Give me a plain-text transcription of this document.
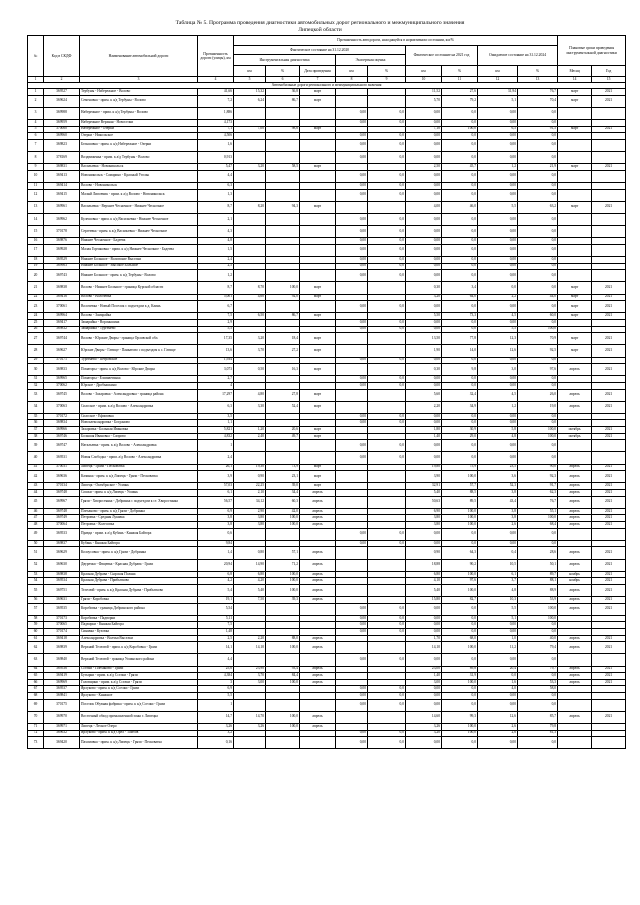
Таблица № 5. Программа проведения диагностики автомобильных дорог регионального и межмуниципального значения
Липецкой области
№	Код в СКДФ	Наименование автомобильной дороги	Протяженность дороги (улицы), км	Протяженность автодороги, находящейся в нормативном состоянии, км/%									Плановые сроки проведения инструментальной диагностики	
				Фактическое состояние на 31.12.2020					Фактическое состояние на 2021 год		Ожидаемое состояние на 31.12.2024			
				Инструментальная диагностика			Экспертная оценка							
				км	%	Дата проведения	км	%	км	%	км	%	Месяц	Год
1	2	3	4	5	6	7	8	9	10	11	12	13	14	15
Автомобильные дороги регионального и межмуниципального значения														
1	369527	Тербуны - Набережное - Волово	41,66	15,32	36,8	март			11,52	27,6	31,94	76,7	март	2021
2	369624	Семеновка - прим. к а/д Тербуны - Волово	7,2	6,24	86,7	март			5,70	79,2	5,1	70,4	март	2021
3	369988	Набережное - прим. к а/д Тербуны - Волово	1,886				0,00	0,0	0,00	0,0	0,00	0,0		
4	369959	Набережное Верхняя - Новоселки	4,173				0,00	0,0	0,00	0,0	0,00	0,0		
5	370060	Набережное - Озерки	7,1	7,00	98,6	март			7,10	100,0	6,5	91,5	март	2021
6	369960	Озерки - Никольское	4,506				0,00	0,0	0,00	0,0	0,00	0,0		
7	369823	Бельшовка - прим. к а/д Набережное - Озерки	1,6				0,00	0,0	0,00	0,0	0,00	0,0		
8	378169	Воздвиженка - прим. к а/д Тербуны - Волово	0,913				0,00	0,0	0,00	0,0	0,00	0,0		
9	369831	Васильевка - Новоникольск	5,47	3,20	58,5	март			2,50	45,7	1,2	21,9	март	2021
10	369413	Новоникольск - Самарино - Красный Угольк	4,4				0,00	0,0	0,00	0,0	0,00	0,0		
11	369414	Волово - Новоникольск	6,3				0,00	0,0	0,00	0,0	0,00	0,0		
12	369415	Малый Липовчик - прим. к а/д Волово - Новоникольск	1,3				0,00	0,0	0,00	0,0	0,00	0,0		
13	369961	Васильевка - Верхнее Чесночное - Нижнее Чесночное	8,7	8,20	94,3	март			4,00	46,0	5,5	63,2	март	2021
14	369962	Кулешовка - прим. к а/д Васильевка - Нижнее Чесночное	2,1				0,00	0,0	0,00	0,0	0,00	0,0		
15	370178	Сергеевка - прим. к а/д Васильевка - Нижнее Чесночное	4,3				0,00	0,0	0,00	0,0	0,00	0,0		
16	369876	Нижнее Чесночное - Бадеева	4,8				0,00	0,0	0,00	0,0	0,00	0,0		
17	369928	Малая Горчаковка - прим. к а/д Нижнее Чесночное - Бадеева	1,5				0,00	0,0	0,00	0,0	0,00	0,0		
18	369529	Нижнее Большое - Воловские Выселки	2,4				0,00	0,0	0,00	0,0	0,00	0,0		
19	369963	Нижнее Большое - Высокое Большое	2,5				0,00	0,0	0,00	0,0	0,00	0,0		
20	369743	Нижнее Большое - прим. к а/д Тербуны - Волово	1,2				0,00	0,0	0,00	0,0	0,00	0,0		
21	369838	Волово - Нижнее Большое - граница Курской области	8,7	8,70	100,0	март			0,30	3,4	0,0	0,0	март	2021
22	369416	Волово - Волочевка	5,001	4,60	92,0	март			3,20	64,0	2,2	44,0	март	2021
23	370061	Волочевка - Новый Поселок с подъездом к д. Каинь	6,7				0,00	0,0	0,00	0,0	0,00	0,0	март	2021
24	369964	Волово - Замарайка	7,5	6,50	86,7	март			5,50	73,3	4,5	60,0	март	2021
25	369417	Замарайка - Вороньшина	2,9				0,00	0,0	0,00	0,0	0,00	0,0		
26	369832	Замарайка - Тургенево	5,5				0,00	0,0	0,00	0,0	5,5	100,0		
27	369744	Волово - Юрские Дворы - граница Орловской обл.	17,35	3,20	18,4	март			13,50	77,8	12,3	70,9	март	2021
28	369627	Юрские Дворы - Гатище - Панкатово с подъездом к с. Гатище	13,6	3,70	27,2	март			1,90	14,0	12,6	92,5	март	2021
29	370171	Тургенево - Петровское	1,934				0,00	0,0	0,00	0,0	0,00	0,0		
30	369833	Поматоры - прим. к а/д Волово - Юрские Дворы	3,073	0,50	16,3	март			0,30	9,8	3,0	97,6	апрель	2021
31	369965	Поматоры - Елизаветинка	2,7				0,00	0,0	0,00	0,0	0,00	0,0		
32	370062	Юрское - Дробышкино	4				0,00	0,0	0,00	0,0	0,00	0,0		
33	369745	Волово - Захаровка - Александровка - граница района	17,297	4,80	27,8	март			5,60	32,4	4,5	26,0	апрель	2021
34	370063	Спасское - прим. к а/д Волово - Александровка	6,3	3,30	52,4	март			2,20	34,9	1,2	19,0	апрель	2021
35	370172	Спасское - Ефимовка	3,5				0,00	0,0	0,00	0,0	0,00	0,0		
36	369834	Новоалександровка - Богданово	1,1				0,00	0,0	0,00	0,0	0,00	0,0		
37	369966	Захаровка - Большая Ивановка	5,821	1,20	20,6	март			1,80	30,9	5,8	100,0	октябрь	2021
38	369746	Большая Ивановка - Сапрово	4,832	2,40	49,7	март			1,40	29,0	4,8	100,0	октябрь	2021
39	369747	Натальевка - прим. к а/д Волово - Александровка	1				0,00	0,0	0,00	0,0	0,00	0,0		
40	369531	Новая Слободка - прим. а/д Волово - Александровка	2,4				0,00	0,0	0,00	0,0	0,00	0,0		
41	370031	Липецк - Грязи - Песковатка	26,1	19,30	73,9	март			19,80	75,9	23,5	90,0	апрель	2021
42	369636	Казинка - прим. к а/д Липецк - Грязи - Песковатка	3,9	0,90	23,1	март			3,90	100,0	3,6	92,3	апрель	2021
43	370134	Липецк - Октябрьское - Усмань	57,03	22,25	39,0	март			32,91	57,7	52,3	91,7	апрель	2021
44	369748	Сошки - прим. к а/д Липецк - Усмань	6,1	2,10	34,4	апрель			5,40	88,5	3,8	62,3	апрель	2021
45	369967	Грязи - Хворостянка - Добринка с подъездом к ст. Хворостянка	56,57	34,12	60,3	апрель			50,63	89,5	43,4	76,7	апрель	2021
46	369748	Плеханово - прим. к а/д Грязи - Добринка	6,9	2,90	42,0	апрель			6,90	100,0	3,8	55,1	апрель	2021
47	369749	Петровка - Средняя Лукавка	3,8	3,80	100,0	апрель			3,80	100,0	3,8	100,0	апрель	2021
48	370064	Петровка - Колесовка	3,8	3,80	100,0	апрель			3,80	100,0	2,6	68,4	апрель	2021
49	369533	Правда - прим. к а/д Кубань - Княжая Байгора	0,6				0,00	0,0	0,00	0,0	0,00	0,0		
50	369837	Кубань - Княжая Байгора	9,84				0,00	0,0	0,00	0,0	0,00	0,0		
51	369629	Колоусовка - прим. к а/д Грязи - Добринка	1,4	0,80	57,1	апрель			0,90	64,3	0,4	28,6	апрель	2021
52	369630	Двуречки - Фащевка - Красная Дубрава - Грязи	20,94	14,90	71,2	апрель			18,88	90,2	10,5	50,1	апрель	2021
53	369838	Красная Дубрава - Сырская Поляна	6,8	6,80	100,0	апрель			6,80	100,0	6,1	89,7	ноябрь	2021
54	369534	Красная Дубрава - Прибытково	4,2	4,20	100,0	апрель			4,10	97,6	3,7	88,1	ноябрь	2021
55	369751	Телелюй - прим. к а/д Красная Дубрава - Прибытково	5,4	5,40	100,0	апрель			5,40	100,0	4,8	88,9	апрель	2021
56	369631	Грязи - Коробовка	19,1	7,50	39,3	апрель			15,80	82,7	10,3	53,9	апрель	2021
57	369535	Коробовка - граница Добринского района	5,54				0,00	0,0	0,00	0,0	5,5	100,0	апрель	2021
58	370173	Коробовка - Падворки	5,11				0,00	0,0	0,00	0,0	5,1	100,0		
59	370065	Падворки - Княжая Байгора	7,5				0,00	0,0	0,00	0,0	0,00	0,0		
60	370174	Синявка - Кузовка	1,48				0,00	0,0	0,00	0,0	0,00	0,0		
61	369418	Александровка - Волчьи Выселки	2,5	2,20	88,0	апрель			1,70	68,0	1,0	40,0	апрель	2021
62	369839	Верхний Телелюй - прим. к а/д Коробовка - Грязи	14,1	14,10	100,0	апрель			14,10	100,0	11,2	79,4	апрель	2021
63	369840	Верхний Телелюй - граница Усманского района	4,4				0,00	0,0	0,00	0,0	0,00	0,0		
64	369536	Сселки - Плеханово - Грязи	25,6	23,90	93,4	апрель			23,00	89,8	20,4	79,7	апрель	2021
65	369419	Бутырки - прим. к а/д Сселки - Грязи	4,384	3,70	84,4	апрель			1,40	31,9	0,0	0,0	апрель	2021
66	369969	Головщино - прим. к а/д Сселки - Грязи	3	3,00	100,0	апрель			3,00	100,0	1,6	53,3	апрель	2021
67	369537	Ярлуково - прим. к а/д Сселки - Грязи	6,9				0,00	0,0	0,00	0,0	4,0	58,0		
68	369841	Ярлуково - Княжное	5,5				0,00	0,0	0,00	0,0	0,00	0,0		
69	370175	Поселок Обувная фабрика - прим. к а/д Сселки - Грязи	1				0,00	0,0	0,00	0,0	0,00	0,0		
70	369970	Восточный обход промышленной зоны г. Липецка	14,7	14,70	100,0	апрель			14,60	99,3	12,6	85,7	апрель	2021
71	369971	Липецк - Лесное Озеро	3,26	3,26	100,0	апрель			3,26	100,0	2,6	79,8		
72	369632	Ярлуково - прим. к а/д Орел - Тамбов	3,2				0,00	0,0	3,20	100,0	2,6	81,3		
73	369420	Пахомовка - прим. к а/д Липецк - Грязи - Песковатка	0,16				0,00	0,0	0,00	0,0	0,00	0,0		
